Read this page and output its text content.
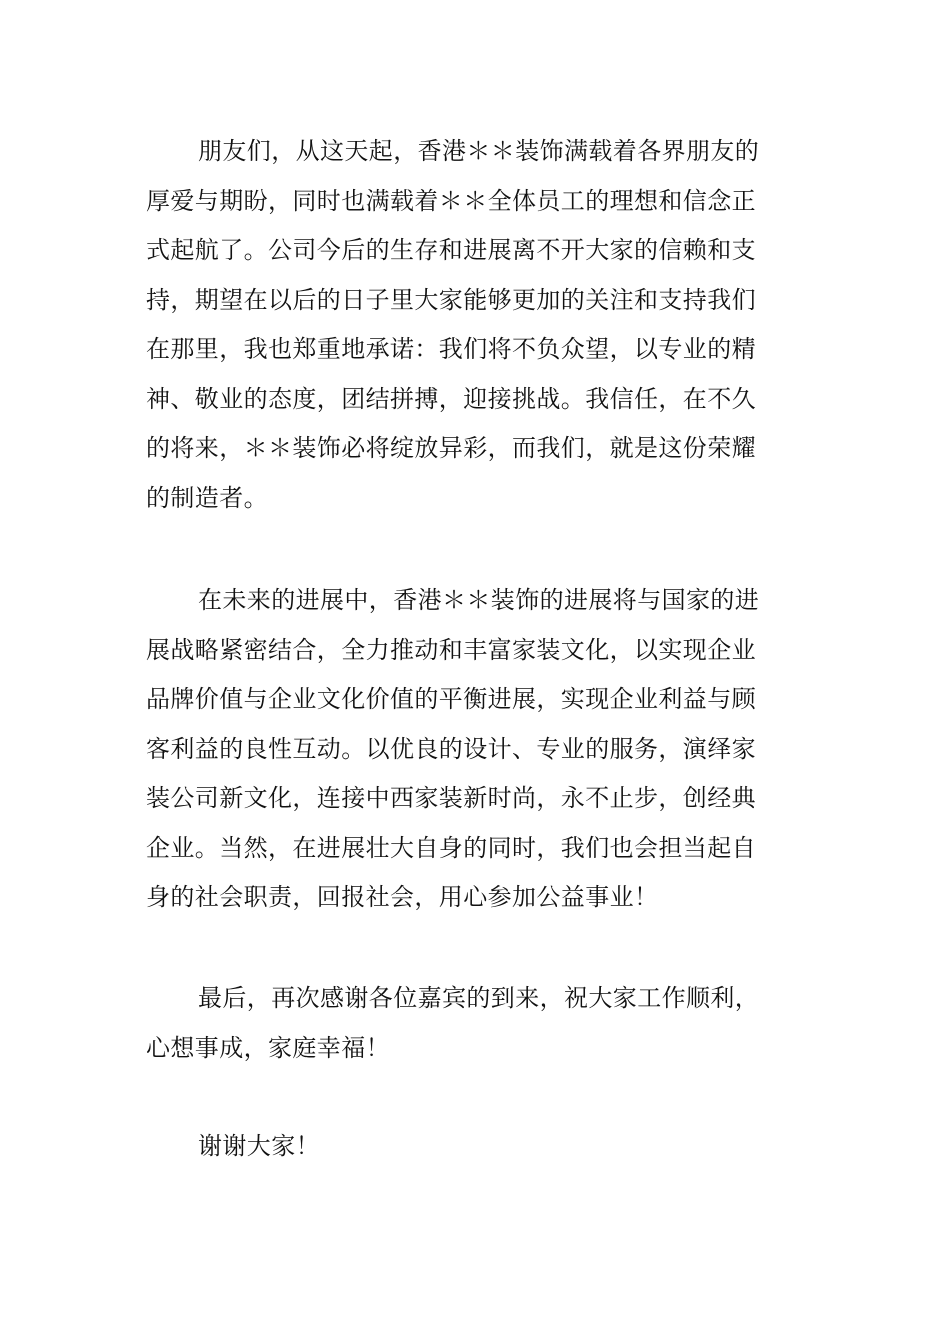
朋友们，从这天起，香港＊＊装饰满载着各界朋友的
厚爱与期盼，同时也满载着＊＊全体员工的理想和信念正
式起航了。公司今后的生存和进展离不开大家的信赖和支
持，期望在以后的日子里大家能够更加的关注和支持我们
在那里，我也郑重地承诺：我们将不负众望，以专业的精
神、敬业的态度，团结拼搏，迎接挑战。我信任，在不久
的将来，＊＊装饰必将绽放异彩，而我们，就是这份荣耀
的制造者。
在未来的进展中，香港＊＊装饰的进展将与国家的进
展战略紧密结合，全力推动和丰富家装文化，以实现企业
品牌价值与企业文化价值的平衡进展，实现企业利益与顾
客利益的良性互动。以优良的设计、专业的服务，演绎家
装公司新文化，连接中西家装新时尚，永不止步，创经典
企业。当然，在进展壮大自身的同时，我们也会担当起自
身的社会职责，回报社会，用心参加公益事业！
最后，再次感谢各位嘉宾的到来，祝大家工作顺利，
心想事成，家庭幸福！
谢谢大家！
